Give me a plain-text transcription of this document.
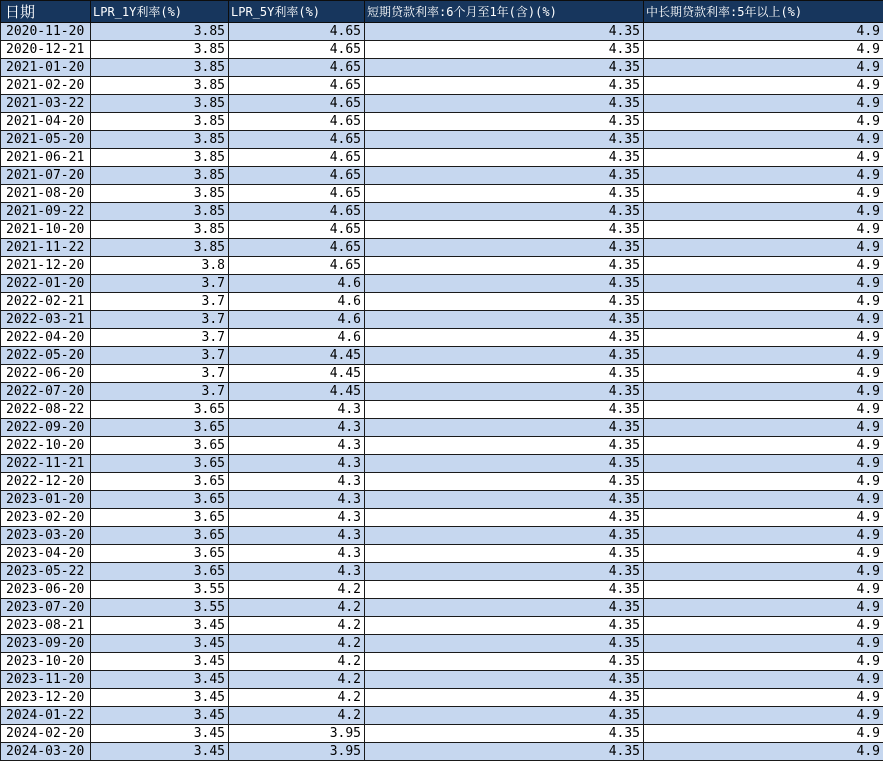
日期	LPR_1Y利率(%)	LPR_5Y利率(%)	短期贷款利率:6个月至1年(含)(%)	中长期贷款利率:5年以上(%)
2020-11-20	3.85	4.65	4.35	4.9
2020-12-21	3.85	4.65	4.35	4.9
2021-01-20	3.85	4.65	4.35	4.9
2021-02-20	3.85	4.65	4.35	4.9
2021-03-22	3.85	4.65	4.35	4.9
2021-04-20	3.85	4.65	4.35	4.9
2021-05-20	3.85	4.65	4.35	4.9
2021-06-21	3.85	4.65	4.35	4.9
2021-07-20	3.85	4.65	4.35	4.9
2021-08-20	3.85	4.65	4.35	4.9
2021-09-22	3.85	4.65	4.35	4.9
2021-10-20	3.85	4.65	4.35	4.9
2021-11-22	3.85	4.65	4.35	4.9
2021-12-20	3.8	4.65	4.35	4.9
2022-01-20	3.7	4.6	4.35	4.9
2022-02-21	3.7	4.6	4.35	4.9
2022-03-21	3.7	4.6	4.35	4.9
2022-04-20	3.7	4.6	4.35	4.9
2022-05-20	3.7	4.45	4.35	4.9
2022-06-20	3.7	4.45	4.35	4.9
2022-07-20	3.7	4.45	4.35	4.9
2022-08-22	3.65	4.3	4.35	4.9
2022-09-20	3.65	4.3	4.35	4.9
2022-10-20	3.65	4.3	4.35	4.9
2022-11-21	3.65	4.3	4.35	4.9
2022-12-20	3.65	4.3	4.35	4.9
2023-01-20	3.65	4.3	4.35	4.9
2023-02-20	3.65	4.3	4.35	4.9
2023-03-20	3.65	4.3	4.35	4.9
2023-04-20	3.65	4.3	4.35	4.9
2023-05-22	3.65	4.3	4.35	4.9
2023-06-20	3.55	4.2	4.35	4.9
2023-07-20	3.55	4.2	4.35	4.9
2023-08-21	3.45	4.2	4.35	4.9
2023-09-20	3.45	4.2	4.35	4.9
2023-10-20	3.45	4.2	4.35	4.9
2023-11-20	3.45	4.2	4.35	4.9
2023-12-20	3.45	4.2	4.35	4.9
2024-01-22	3.45	4.2	4.35	4.9
2024-02-20	3.45	3.95	4.35	4.9
2024-03-20	3.45	3.95	4.35	4.9
